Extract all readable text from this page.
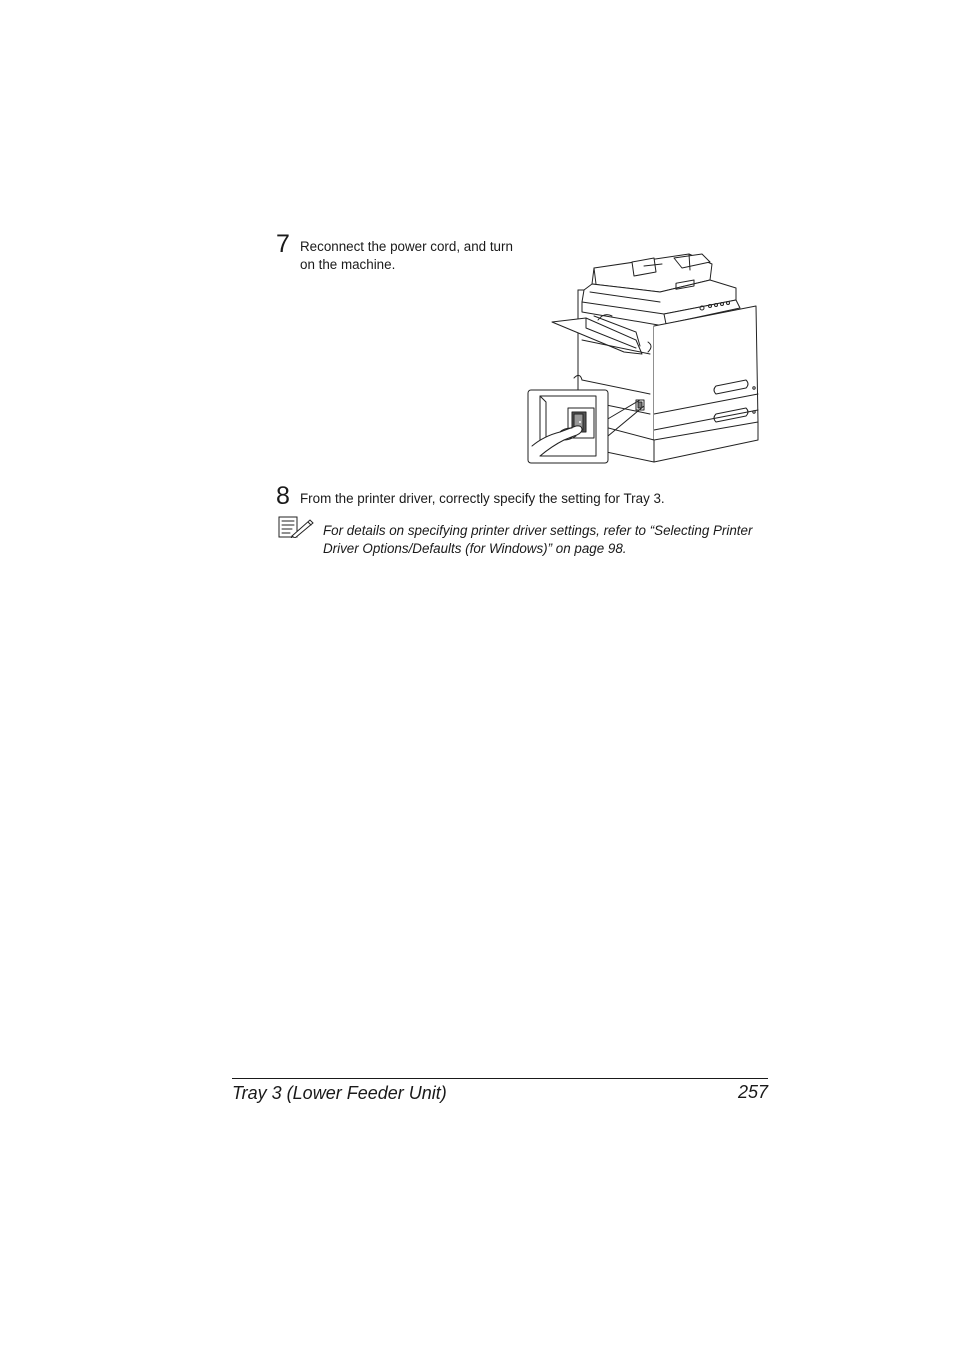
7 Reconnect the power cord, and turn on the machine.
8 From the printer driver, correctly specify the setting for Tray 3.
For details on specifying printer driver settings, refer to “Selecting Printer Driver Options/Defaults (for Windows)” on page 98.
Tray 3 (Lower Feeder Unit)	257
